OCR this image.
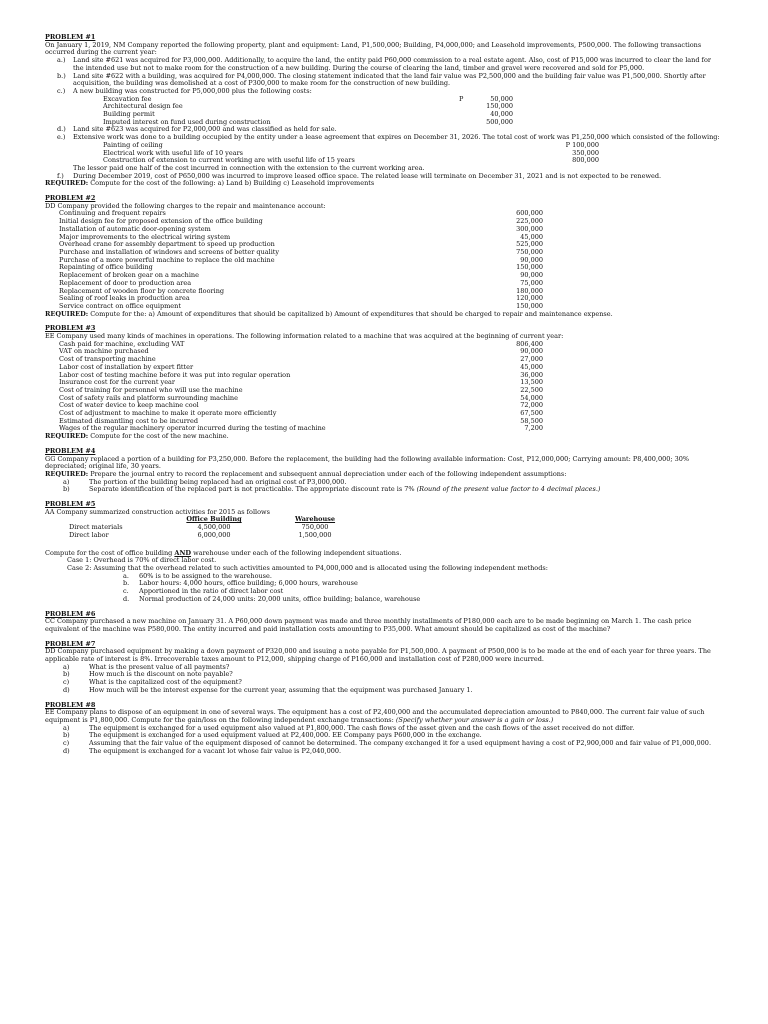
PROBLEM #1
On January 1, 2019, NM Company reported the following property, plant and equipment: Land, P1,500,000; Building, P4,000,000; and Leasehold improvements, P500,000. The following transactions occurred during the current year:
a.)	Land site #621 was acquired for P3,000,000. Additionally, to acquire the land, the entity paid P60,000 commission to a real estate agent. Also, cost of P15,000 was incurred to clear the land for the intended use but not to make room for the construction of a new building. During the course of clearing the land, timber and gravel were recovered and sold for P5,000.
b.)	Land site #622 with a building, was acquired for P4,000,000. The closing statement indicated that the land fair value was P2,500,000 and the building fair value was P1,500,000. Shortly after acquisition, the building was demolished at a cost of P300,000 to make room for the construction of new building.
c.)	A new building was constructed for P5,000,000 plus the following costs:
Excavation fee	P	50,000
Architectural design fee	150,000
Building permit	40,000
Imputed interest on fund used during construction	500,000
d.)	Land site #623 was acquired for P2,000,000 and was classified as held for sale.
e.)	Extensive work was done to a building occupied by the entity under a lease agreement that expires on December 31, 2026. The total cost of work was P1,250,000 which consisted of the following:
Painting of ceiling	P 100,000
Electrical work with useful life of 10 years	350,000
Construction of extension to current working are with useful life of 15 years	800,000
The lessor paid one half of the cost incurred in connection with the extension to the current working area.
f.)	During December 2019, cost of P650,000 was incurred to improve leased office space. The related lease will terminate on December 31, 2021 and is not expected to be renewed.
REQUIRED: Compute for the cost of the following: a) Land b) Building c) Leasehold improvements
PROBLEM #2
DD Company provided the following charges to the repair and maintenance account:
Continuing and frequent repairs	600,000
Initial design fee for proposed extension of the office building	225,000
Installation of automatic door-opening system	300,000
Major improvements to the electrical wiring system	45,000
Overhead crane for assembly department to speed up production	525,000
Purchase and installation of windows and screens of better quality	750,000
Purchase of a more powerful machine to replace the old machine	90,000
Repainting of office building	150,000
Replacement of broken gear on a machine	90,000
Replacement of door to production area	75,000
Replacement of wooden floor by concrete flooring	180,000
Sealing of roof leaks in production area	120,000
Service contract on office equipment	150,000
REQUIRED: Compute for the: a) Amount of expenditures that should be capitalized b) Amount of expenditures that should be charged to repair and maintenance expense.
PROBLEM #3
EE Company used many kinds of machines in operations. The following information related to a machine that was acquired at the beginning of current year:
Cash paid for machine, excluding VAT	806,400
VAT on machine purchased	90,000
Cost of transporting machine	27,000
Labor cost of installation by expert fitter	45,000
Labor cost of testing machine before it was put into regular operation	36,000
Insurance cost for the current year	13,500
Cost of training for personnel who will use the machine	22,500
Cost of safety rails and platform surrounding machine	54,000
Cost of water device to keep machine cool	72,000
Cost of adjustment to machine to make it operate more efficiently	67,500
Estimated dismantling cost to be incurred	58,500
Wages of the regular machinery operator incurred during the testing of machine	7,200
REQUIRED: Compute for the cost of the new machine.
PROBLEM #4
GG Company replaced a portion of a building for P3,250,000. Before the replacement, the building had the following available information: Cost, P12,000,000; Carrying amount: P8,400,000; 30% depreciated; original life, 30 years.
REQUIRED: Prepare the journal entry to record the replacement and subsequent annual depreciation under each of the following independent assumptions:
a)	The portion of the building being replaced had an original cost of P3,000,000.
b)	Separate identification of the replaced part is not practicable. The appropriate discount rate is 7% (Round of the present value factor to 4 decimal places.)
PROBLEM #5
AA Company summarized construction activities for 2015 as follows
	Office Building		Warehouse
Direct materials	4,500,000		750,000
Direct labor	6,000,000		1,500,000
Compute for the cost of office building AND warehouse under each of the following independent situations.
Case 1: Overhead is 70% of direct labor cost.
Case 2: Assuming that the overhead related to such activities amounted to P4,000,000 and is allocated using the following independent methods:
a.	60% is to be assigned to the warehouse.
b.	Labor hours: 4,000 hours, office building; 6,000 hours, warehouse
c.	Apportioned in the ratio of direct labor cost
d.	Normal production of 24,000 units: 20,000 units, office building; balance, warehouse
PROBLEM #6
CC Company purchased a new machine on January 31. A P60,000 down payment was made and three monthly installments of P180,000 each are to be made beginning on March 1. The cash price equivalent of the machine was P580,000. The entity incurred and paid installation costs amounting to P35,000. What amount should be capitalized as cost of the machine?
PROBLEM #7
DD Company purchased equipment by making a down payment of P320,000 and issuing a note payable for P1,500,000. A payment of P500,000 is to be made at the end of each year for three years. The applicable rate of interest is 8%. Irrecoverable taxes amount to P12,000, shipping charge of P160,000 and installation cost of P280,000 were incurred.
a)	What is the present value of all payments?
b)	How much is the discount on note payable?
c)	What is the capitalized cost of the equipment?
d)	How much will be the interest expense for the current year, assuming that the equipment was purchased January 1.
PROBLEM #8
EE Company plans to dispose of an equipment in one of several ways. The equipment has a cost of P2,400,000 and the accumulated depreciation amounted to P840,000. The current fair value of such equipment is P1,800,000. Compute for the gain/loss on the following independent exchange transactions: (Specify whether your answer is a gain or loss.)
a)	The equipment is exchanged for a used equipment also valued at P1,800,000. The cash flows of the asset given and the cash flows of the asset received do not differ.
b)	The equipment is exchanged for a used equipment valued at P2,400,000. EE Company pays P600,000 in the exchange.
c)	Assuming that the fair value of the equipment disposed of cannot be determined. The company exchanged it for a used equipment having a cost of P2,900,000 and fair value of P1,000,000.
d)	The equipment is exchanged for a vacant lot whose fair value is P2,040,000.
